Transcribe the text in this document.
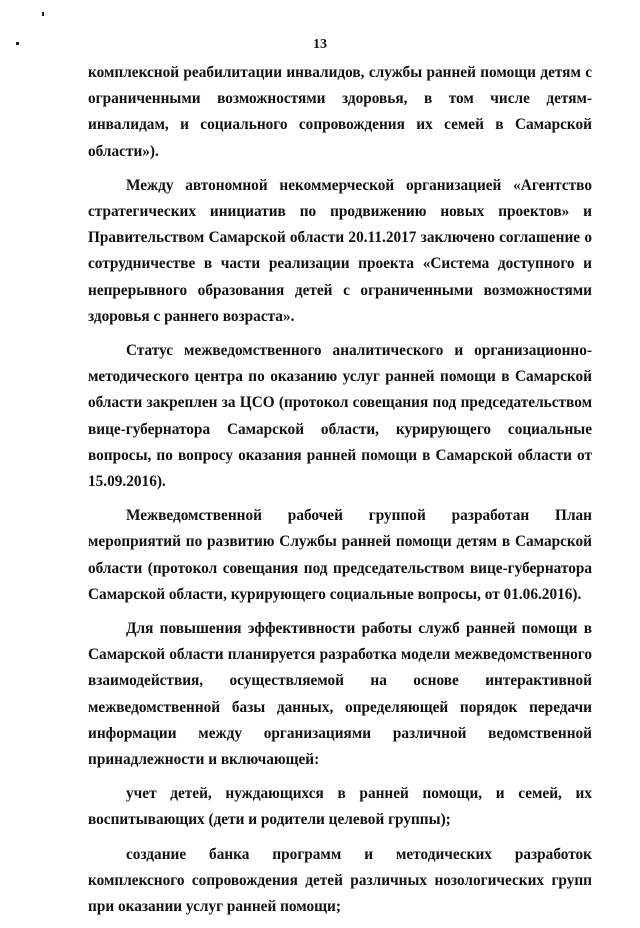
13

комплексной реабилитации инвалидов, службы ранней помощи детям с ограниченными возможностями здоровья, в том числе детям-инвалидам, и социального сопровождения их семей в Самарской области»).

Между автономной некоммерческой организацией «Агентство стратегических инициатив по продвижению новых проектов» и Правительством Самарской области 20.11.2017 заключено соглашение о сотрудничестве в части реализации проекта «Система доступного и непрерывного образования детей с ограниченными возможностями здоровья с раннего возраста».

Статус межведомственного аналитического и организационно-методического центра по оказанию услуг ранней помощи в Самарской области закреплен за ЦСО (протокол совещания под председательством вице-губернатора Самарской области, курирующего социальные вопросы, по вопросу оказания ранней помощи в Самарской области от 15.09.2016).

Межведомственной рабочей группой разработан План мероприятий по развитию Службы ранней помощи детям в Самарской области (протокол совещания под председательством вице-губернатора Самарской области, курирующего социальные вопросы, от 01.06.2016).

Для повышения эффективности работы служб ранней помощи в Самарской области планируется разработка модели межведомственного взаимодействия, осуществляемой на основе интерактивной межведомственной базы данных, определяющей порядок передачи информации между организациями различной ведомственной принадлежности и включающей:

учет детей, нуждающихся в ранней помощи, и семей, их воспитывающих (дети и родители целевой группы);

создание банка программ и методических разработок комплексного сопровождения детей различных нозологических групп при оказании услуг ранней помощи;
